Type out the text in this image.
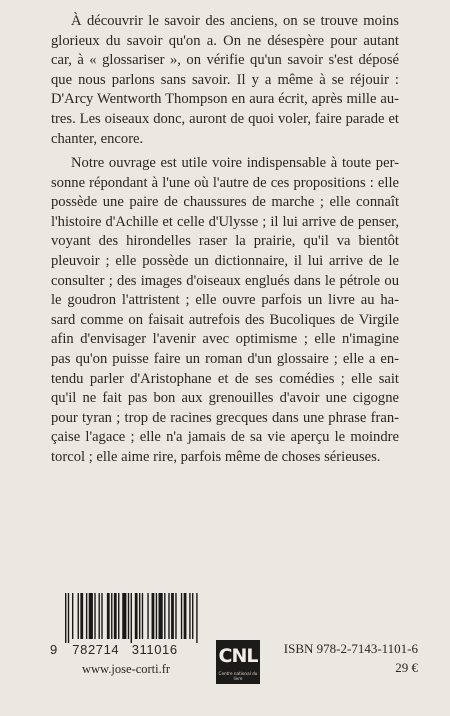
À découvrir le savoir des anciens, on se trouve moins
glorieux du savoir qu'on a. On ne désespère pour autant
car, à « glossariser », on vérifie qu'un savoir s'est déposé
que nous parlons sans savoir. Il y a même à se réjouir :
D'Arcy Wentworth Thompson en aura écrit, après mille au-
tres. Les oiseaux donc, auront de quoi voler, faire parade et
chanter, encore.
Notre ouvrage est utile voire indispensable à toute per-
sonne répondant à l'une où l'autre de ces propositions : elle
possède une paire de chaussures de marche ; elle connaît
l'histoire d'Achille et celle d'Ulysse ; il lui arrive de penser,
voyant des hirondelles raser la prairie, qu'il va bientôt
pleuvoir ; elle possède un dictionnaire, il lui arrive de le
consulter ; des images d'oiseaux englués dans le pétrole ou
le goudron l'attristent ; elle ouvre parfois un livre au ha-
sard comme on faisait autrefois des Bucoliques de Virgile
afin d'envisager l'avenir avec optimisme ; elle n'imagine
pas qu'on puisse faire un roman d'un glossaire ; elle a en-
tendu parler d'Aristophane et de ses comédies ; elle sait
qu'il ne fait pas bon aux grenouilles d'avoir une cigogne
pour tyran ; trop de racines grecques dans une phrase fran-
çaise l'agace ; elle n'a jamais de sa vie aperçu le moindre
torcol ; elle aime rire, parfois même de choses sérieuses.
9 782714 311016
www.jose-corti.fr
CNL
Centre national du livre
ISBN 978-2-7143-1101-6
29 €
